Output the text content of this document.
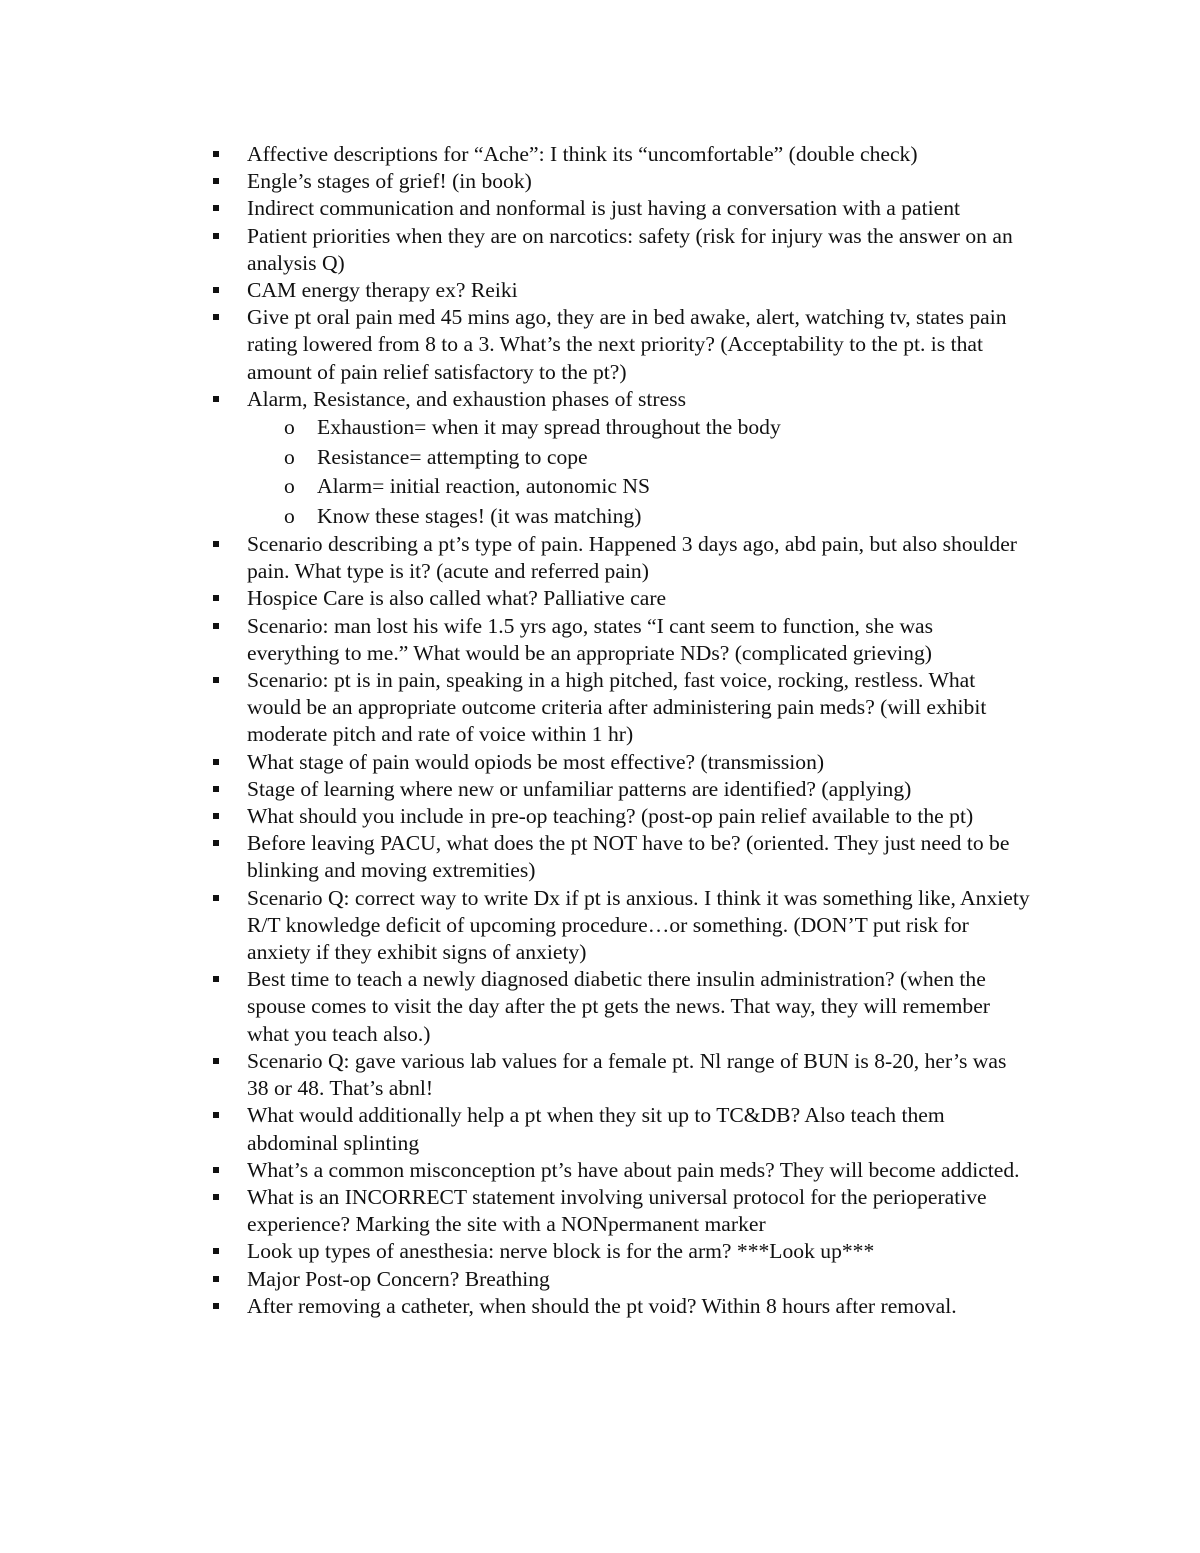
Affective descriptions for “Ache”: I think its “uncomfortable” (double check)
Engle’s stages of grief! (in book)
Indirect communication and nonformal is just having a conversation with a patient
Patient priorities when they are on narcotics: safety (risk for injury was the answer on an analysis Q)
CAM energy therapy ex? Reiki
Give pt oral pain med 45 mins ago, they are in bed awake, alert, watching tv, states pain rating lowered from 8 to a 3. What’s the next priority? (Acceptability to the pt. is that amount of pain relief satisfactory to the pt?)
Alarm, Resistance, and exhaustion phases of stress
o Exhaustion= when it may spread throughout the body
o Resistance= attempting to cope
o Alarm= initial reaction, autonomic NS
o Know these stages! (it was matching)
Scenario describing a pt’s type of pain. Happened 3 days ago, abd pain, but also shoulder pain. What type is it? (acute and referred pain)
Hospice Care is also called what? Palliative care
Scenario: man lost his wife 1.5 yrs ago, states “I cant seem to function, she was everything to me.” What would be an appropriate NDs? (complicated grieving)
Scenario: pt is in pain, speaking in a high pitched, fast voice, rocking, restless. What would be an appropriate outcome criteria after administering pain meds? (will exhibit moderate pitch and rate of voice within 1 hr)
What stage of pain would opiods be most effective? (transmission)
Stage of learning where new or unfamiliar patterns are identified? (applying)
What should you include in pre-op teaching? (post-op pain relief available to the pt)
Before leaving PACU, what does the pt NOT have to be? (oriented. They just need to be blinking and moving extremities)
Scenario Q: correct way to write Dx if pt is anxious. I think it was something like, Anxiety R/T knowledge deficit of upcoming procedure…or something. (DON’T put risk for anxiety if they exhibit signs of anxiety)
Best time to teach a newly diagnosed diabetic there insulin administration? (when the spouse comes to visit the day after the pt gets the news. That way, they will remember what you teach also.)
Scenario Q: gave various lab values for a female pt. Nl range of BUN is 8-20, her’s was 38 or 48. That’s abnl!
What would additionally help a pt when they sit up to TC&DB? Also teach them abdominal splinting
What’s a common misconception pt’s have about pain meds? They will become addicted.
What is an INCORRECT statement involving universal protocol for the perioperative experience? Marking the site with a NONpermanent marker
Look up types of anesthesia: nerve block is for the arm? ***Look up***
Major Post-op Concern? Breathing
After removing a catheter, when should the pt void? Within 8 hours after removal.
